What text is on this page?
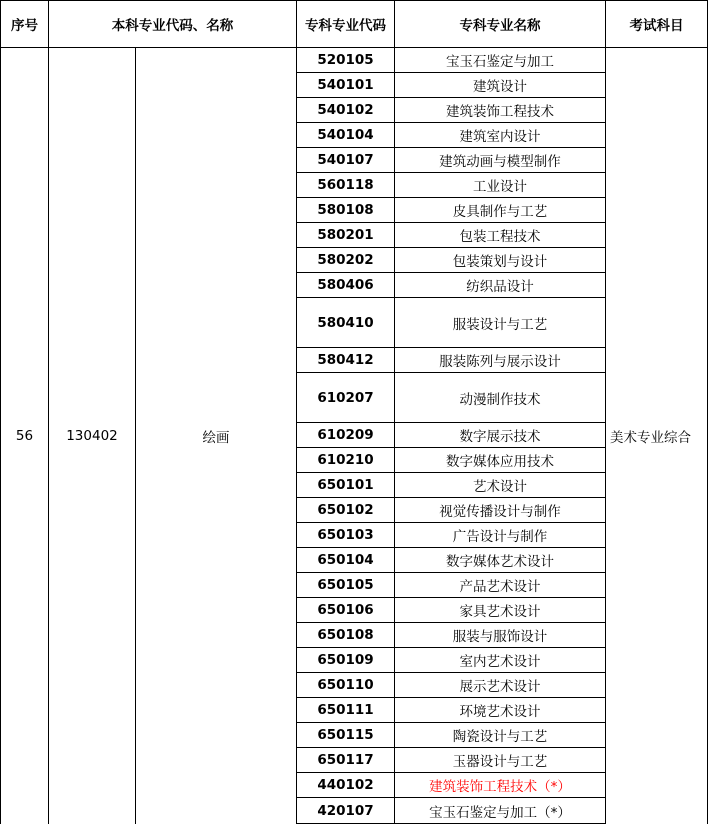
序号	本科专业代码、名称		专科专业代码	专科专业名称	考试科目
56	130402	绘画	520105	宝玉石鉴定与加工	美术专业综合
			540101	建筑设计	
			540102	建筑装饰工程技术	
			540104	建筑室内设计	
			540107	建筑动画与模型制作	
			560118	工业设计	
			580108	皮具制作与工艺	
			580201	包装工程技术	
			580202	包装策划与设计	
			580406	纺织品设计	
			580410	服装设计与工艺	
			580412	服装陈列与展示设计	
			610207	动漫制作技术	
			610209	数字展示技术	
			610210	数字媒体应用技术	
			650101	艺术设计	
			650102	视觉传播设计与制作	
			650103	广告设计与制作	
			650104	数字媒体艺术设计	
			650105	产品艺术设计	
			650106	家具艺术设计	
			650108	服装与服饰设计	
			650109	室内艺术设计	
			650110	展示艺术设计	
			650111	环境艺术设计	
			650115	陶瓷设计与工艺	
			650117	玉器设计与工艺	
			440102	建筑装饰工程技术（*）	
			420107	宝玉石鉴定与加工（*）	
